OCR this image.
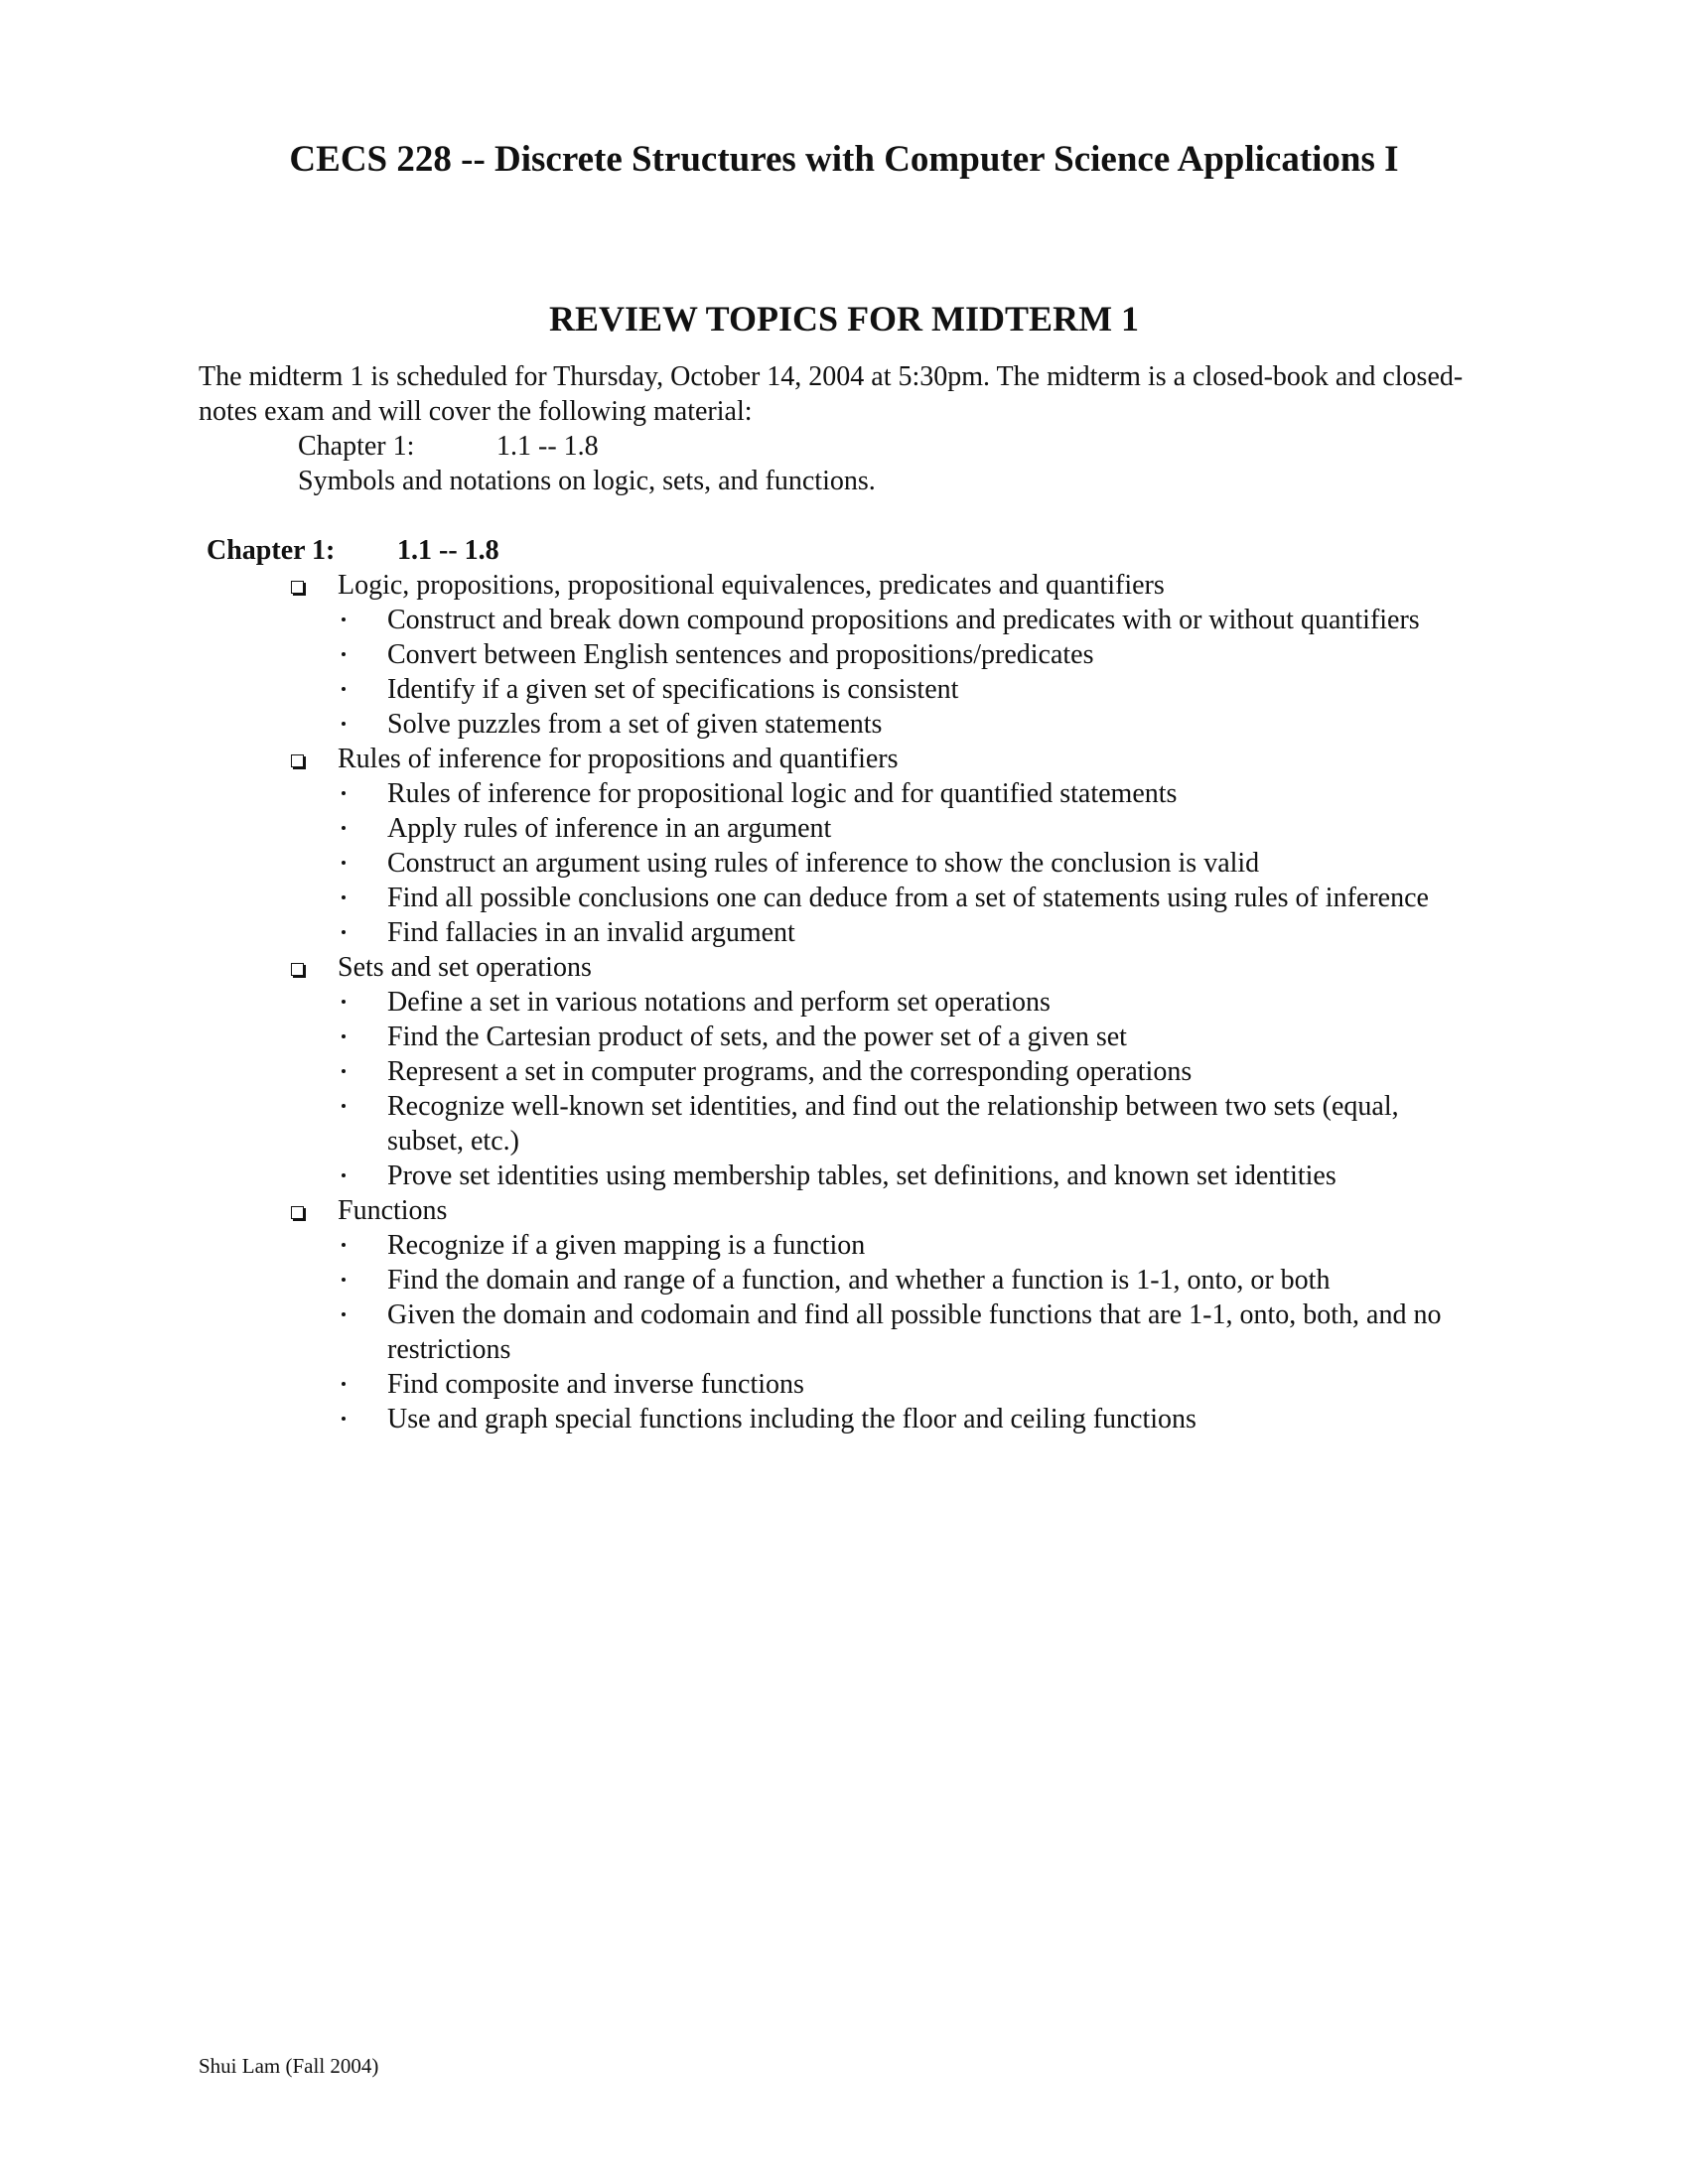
CECS 228 -- Discrete Structures with Computer Science Applications I
REVIEW TOPICS FOR MIDTERM 1

The midterm 1 is scheduled for Thursday, October 14, 2004 at 5:30pm. The midterm is a closed-book and closed-notes exam and will cover the following material:

Chapter 1:	1.1 -- 1.8
Symbols and notations on logic, sets, and functions.
Chapter 1:	1.1 -- 1.8
Logic, propositions, propositional equivalences, predicates and quantifiers
Construct and break down compound propositions and predicates with or without quantifiers
Convert between English sentences and propositions/predicates
Identify if a given set of specifications is consistent
Solve puzzles from a set of given statements
Rules of inference for propositions and quantifiers
Rules of inference for propositional logic and for quantified statements
Apply rules of inference in an argument
Construct an argument using rules of inference to show the conclusion is valid
Find all possible conclusions one can deduce from a set of statements using rules of inference
Find fallacies in an invalid argument
Sets and set operations
Define a set in various notations and perform set operations
Find the Cartesian product of sets, and the power set of a given set
Represent a set in computer programs, and the corresponding operations
Recognize well-known set identities, and find out the relationship between two sets (equal, subset, etc.)
Prove set identities using membership tables, set definitions, and known set identities
Functions
Recognize if a given mapping is a function
Find the domain and range of a function, and whether a function is 1-1, onto, or both
Given the domain and codomain and find all possible functions that are 1-1, onto, both, and no restrictions
Find composite and inverse functions
Use and graph special functions including the floor and ceiling functions
Shui Lam (Fall 2004)
